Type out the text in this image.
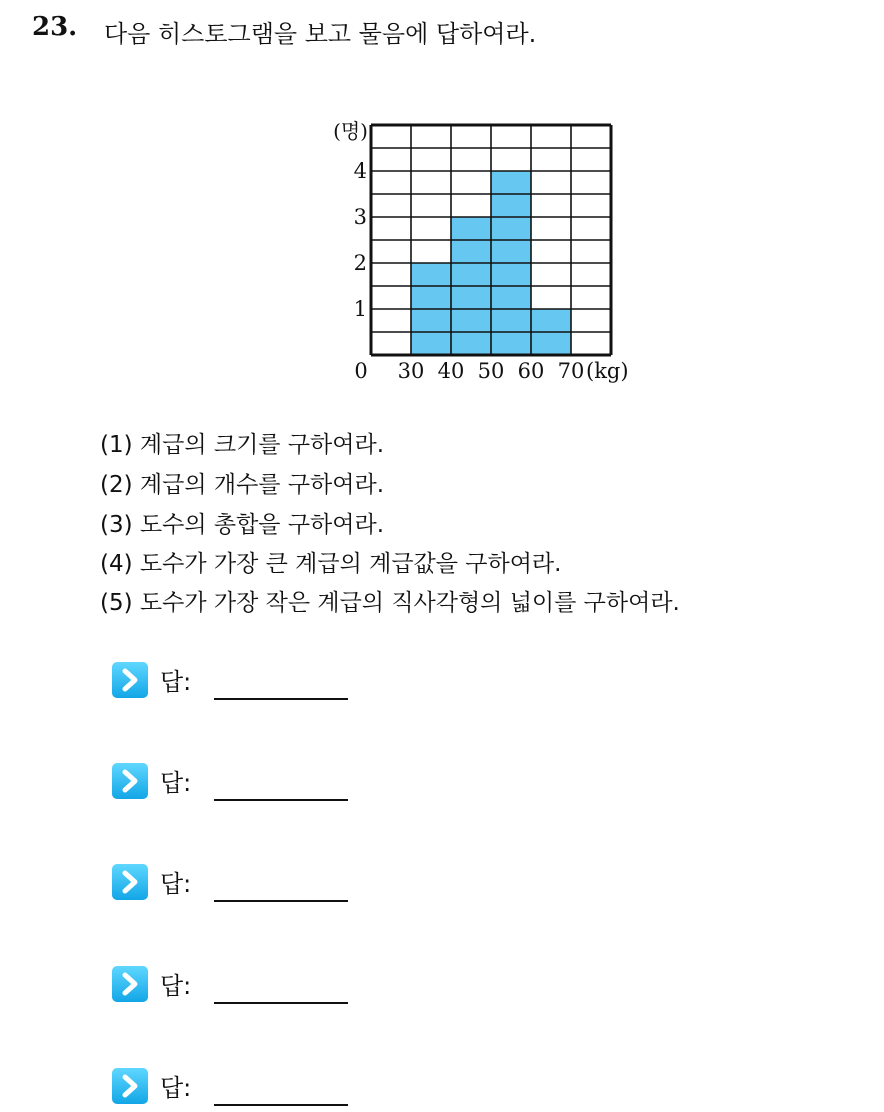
23. 다음 히스토그램을 보고 물음에 답하여라.
0 30 40 50 60 70
1
2
3
4
(kg)
(명)
(1) 계급의 크기를 구하여라.
(2) 계급의 개수를 구하여라.
(3) 도수의 총합을 구하여라.
(4) 도수가 가장 큰 계급의 계급값을 구하여라.
(5) 도수가 가장 작은 계급의 직사각형의 넓이를 구하여라.
답:
답:
답:
답:
답:
